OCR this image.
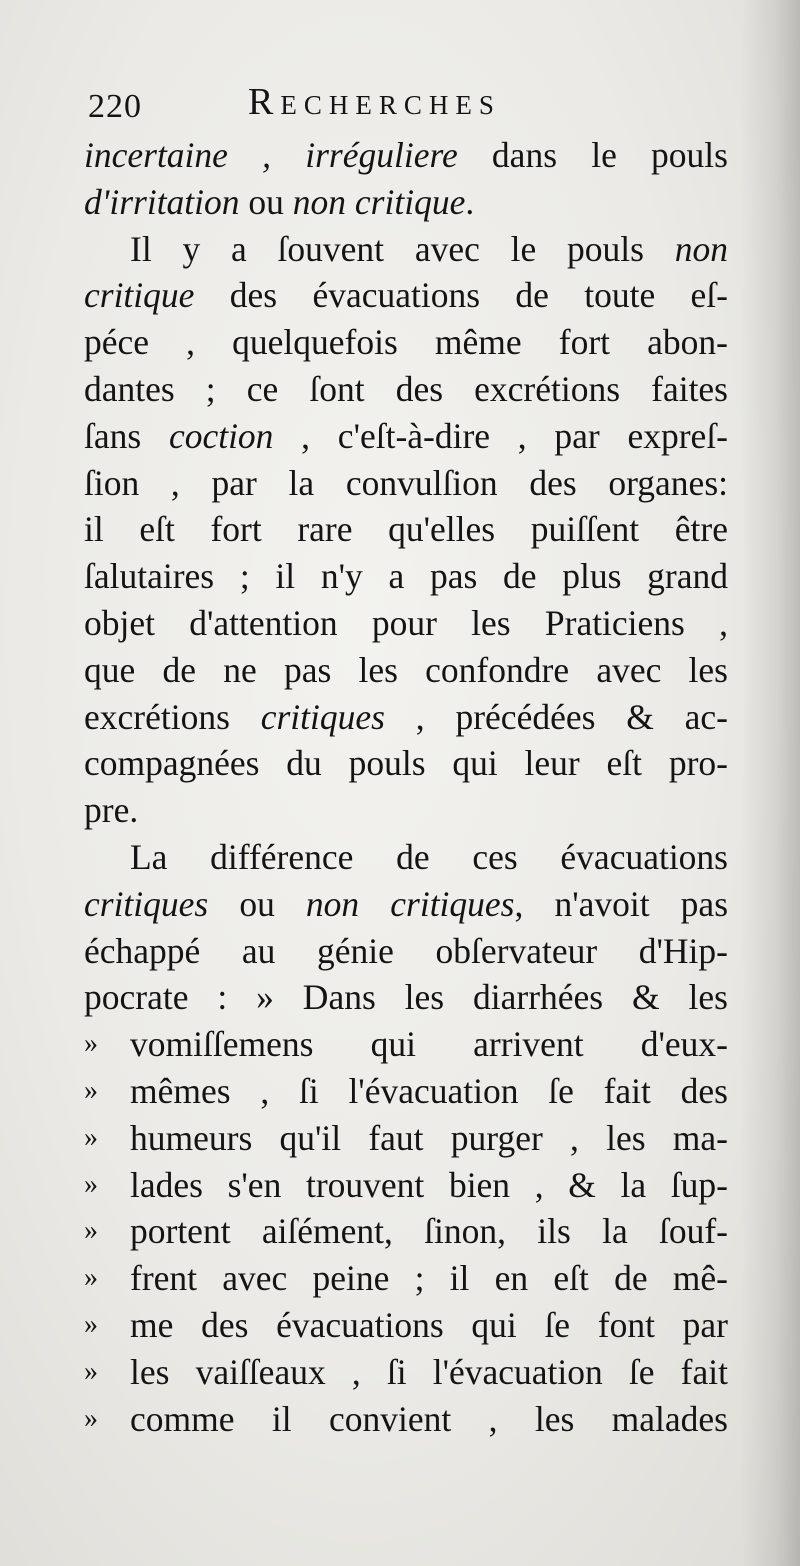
220	Recherches
incertaine , irréguliere dans le pouls
d'irritation ou non critique.
Il y a ſouvent avec le pouls non
critique des évacuations de toute eſ-
péce , quelquefois même fort abon-
dantes ; ce ſont des excrétions faites
ſans coction , c'eſt-à-dire , par expreſ-
ſion , par la convulſion des organes:
il eſt fort rare qu'elles puiſſent être
ſalutaires ; il n'y a pas de plus grand
objet d'attention pour les Praticiens ,
que de ne pas les confondre avec les
excrétions critiques , précédées & ac-
compagnées du pouls qui leur eſt pro-
pre.
La différence de ces évacuations
critiques ou non critiques, n'avoit pas
échappé au génie obſervateur d'Hip-
pocrate : » Dans les diarrhées & les
» vomiſſemens qui arrivent d'eux-
» mêmes , ſi l'évacuation ſe fait des
» humeurs qu'il faut purger , les ma-
» lades s'en trouvent bien , & la ſup-
» portent aiſément, ſinon, ils la ſouf-
» frent avec peine ; il en eſt de mê-
» me des évacuations qui ſe font par
» les vaiſſeaux , ſi l'évacuation ſe fait
» comme il convient , les malades
